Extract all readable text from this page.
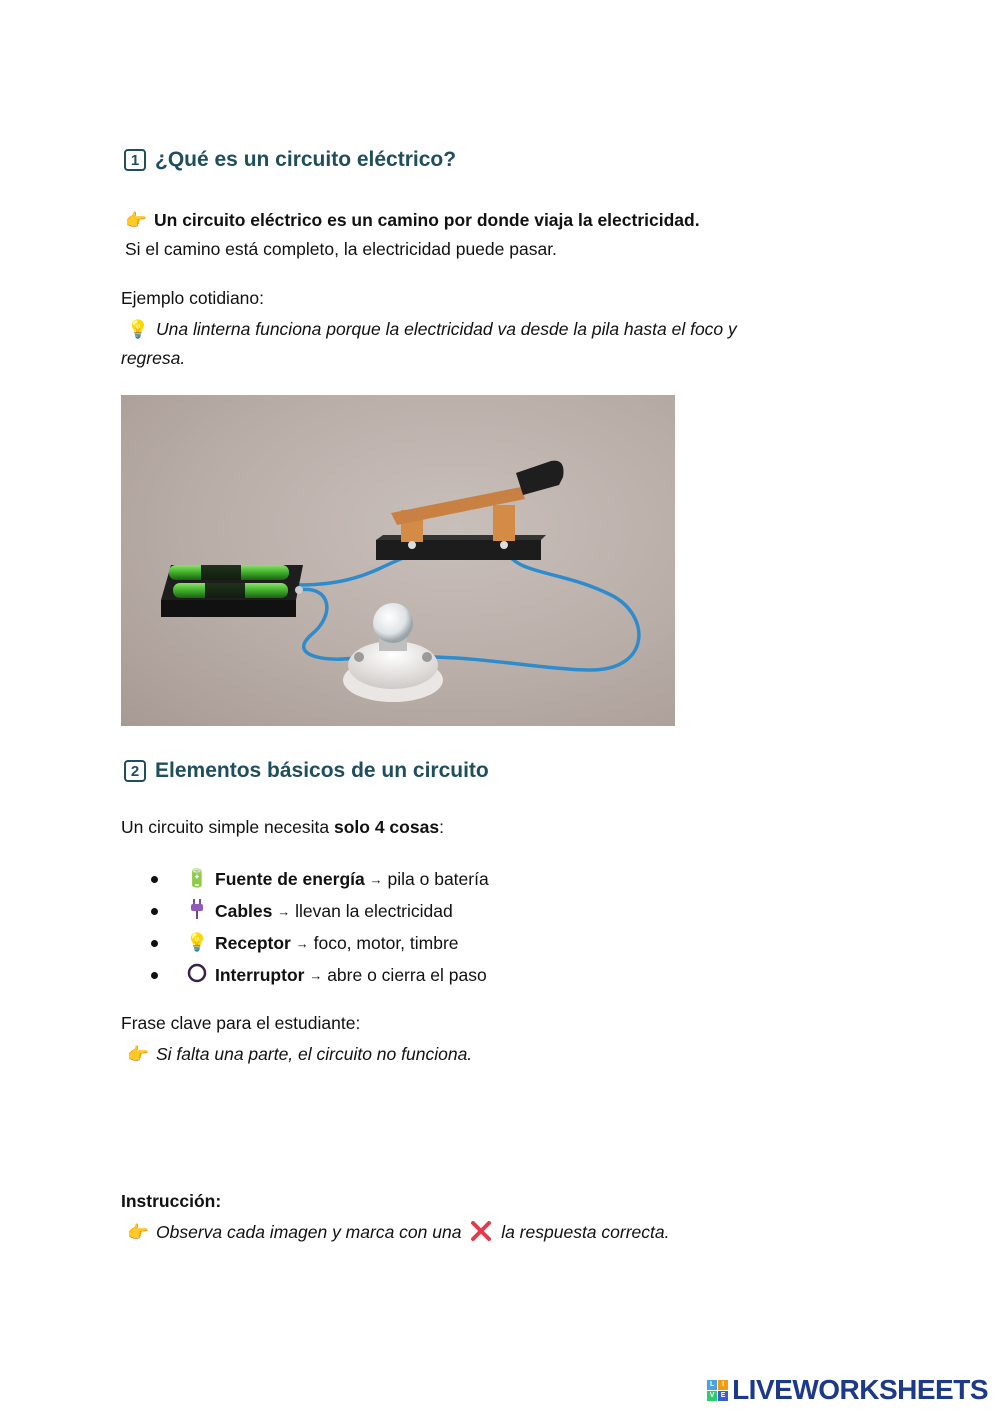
1 ¿Qué es un circuito eléctrico?
👉 Un circuito eléctrico es un camino por donde viaja la electricidad.
Si el camino está completo, la electricidad puede pasar.
Ejemplo cotidiano:
💡 Una linterna funciona porque la electricidad va desde la pila hasta el foco y
regresa.
2 Elementos básicos de un circuito
Un circuito simple necesita solo 4 cosas:
🔋 Fuente de energía
→
pila o batería
Cables
→
llevan la electricidad
💡 Receptor
→
foco, motor, timbre
Interruptor
→
abre o cierra el paso
Frase clave para el estudiante:
👉 Si falta una parte, el circuito no funciona.
Instrucción:
👉 Observa cada imagen y marca con una la respuesta correcta.
L	I
V E LIVEWORKSHEETS
